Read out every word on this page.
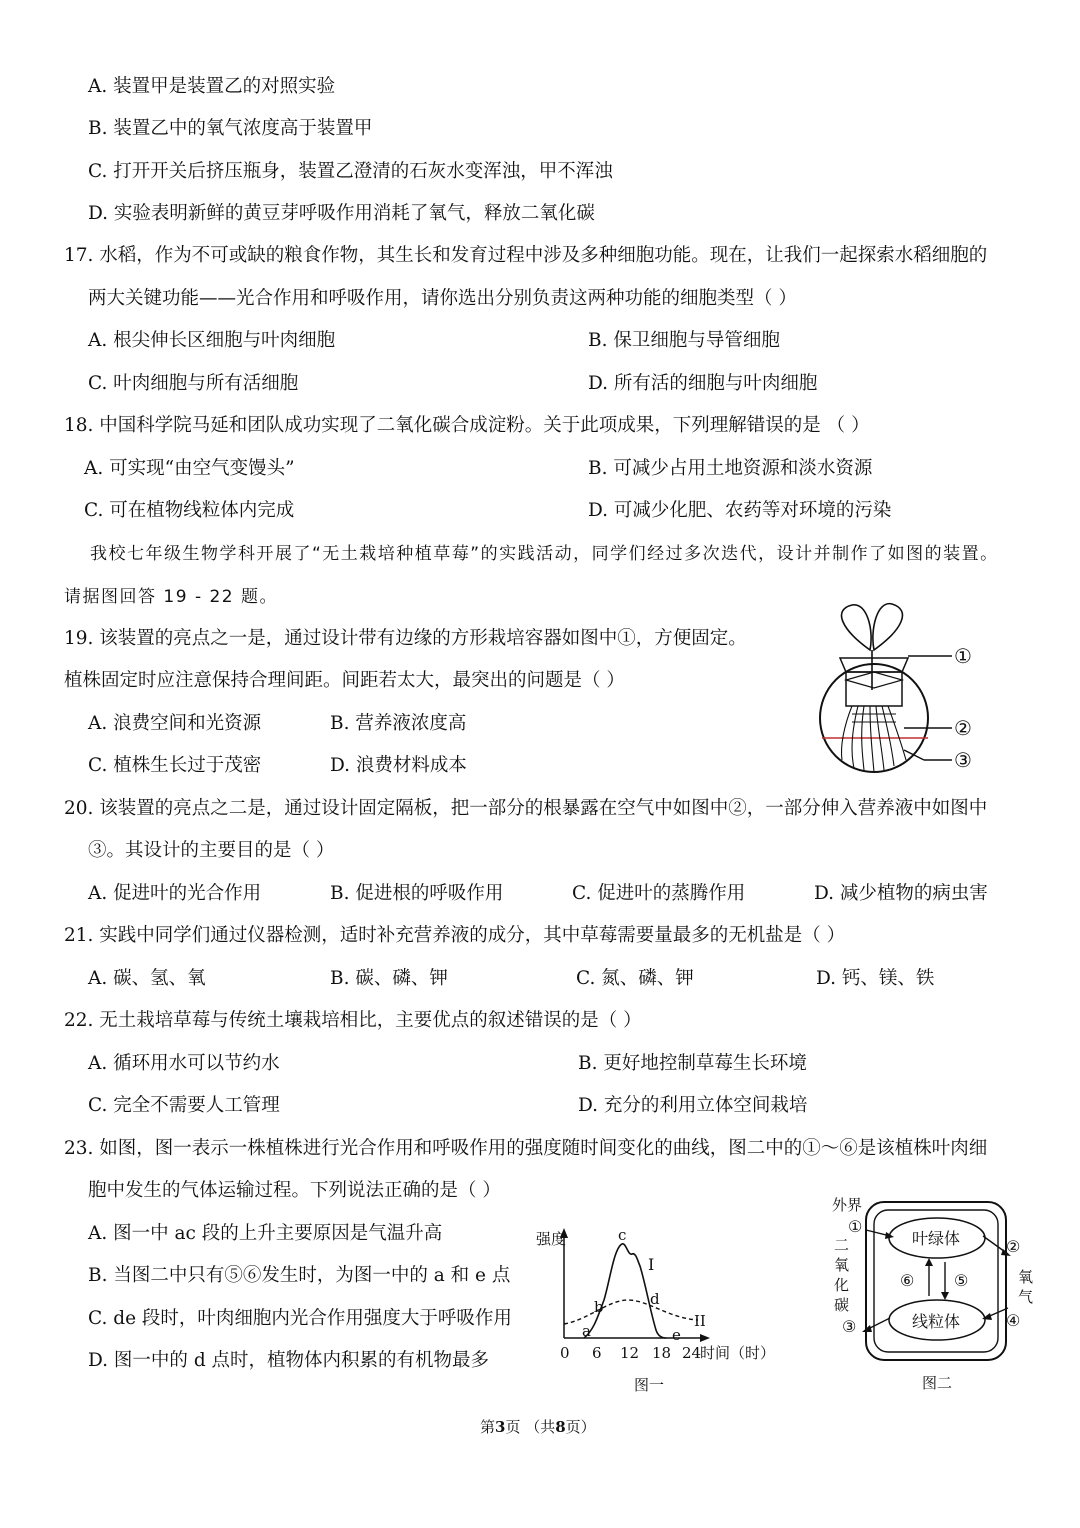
A. 装置甲是装置乙的对照实验
B. 装置乙中的氧气浓度高于装置甲
C. 打开开关后挤压瓶身，装置乙澄清的石灰水变浑浊，甲不浑浊
D. 实验表明新鲜的黄豆芽呼吸作用消耗了氧气，释放二氧化碳
17. 水稻，作为不可或缺的粮食作物，其生长和发育过程中涉及多种细胞功能。现在，让我们一起探索水稻细胞的
两大关键功能——光合作用和呼吸作用，请你选出分别负责这两种功能的细胞类型（ ）
A. 根尖伸长区细胞与叶肉细胞	B. 保卫细胞与导管细胞
C. 叶肉细胞与所有活细胞	D. 所有活的细胞与叶肉细胞
18. 中国科学院马延和团队成功实现了二氧化碳合成淀粉。关于此项成果，下列理解错误的是 （ ）
A. 可实现“由空气变馒头”	B. 可减少占用土地资源和淡水资源
C. 可在植物线粒体内完成	D. 可减少化肥、农药等对环境的污染
我校七年级生物学科开展了“无土栽培种植草莓”的实践活动，同学们经过多次迭代，设计并制作了如图的装置。
请据图回答 19 - 22 题。
19. 该装置的亮点之一是，通过设计带有边缘的方形栽培容器如图中①，方便固定。
植株固定时应注意保持合理间距。间距若太大，最突出的问题是（ ）
A. 浪费空间和光资源	B. 营养液浓度高
C. 植株生长过于茂密	D. 浪费材料成本
①
②
③
20. 该装置的亮点之二是，通过设计固定隔板，把一部分的根暴露在空气中如图中②，一部分伸入营养液中如图中
③。其设计的主要目的是（ ）
A. 促进叶的光合作用	B. 促进根的呼吸作用	C. 促进叶的蒸腾作用	D. 减少植物的病虫害
21. 实践中同学们通过仪器检测，适时补充营养液的成分，其中草莓需要量最多的无机盐是（ ）
A. 碳、氢、氧	B. 碳、磷、钾	C. 氮、磷、钾	D. 钙、镁、铁
22. 无土栽培草莓与传统土壤栽培相比，主要优点的叙述错误的是（ ）
A. 循环用水可以节约水	B. 更好地控制草莓生长环境
C. 完全不需要人工管理	D. 充分的利用立体空间栽培
23. 如图，图一表示一株植株进行光合作用和呼吸作用的强度随时间变化的曲线，图二中的①～⑥是该植株叶肉细
胞中发生的气体运输过程。下列说法正确的是（ ）
A. 图一中 ac 段的上升主要原因是气温升高
B. 当图二中只有⑤⑥发生时，为图一中的 a 和 e 点
C. de 段时，叶肉细胞内光合作用强度大于呼吸作用
D. 图一中的 d 点时，植物体内积累的有机物最多
强度
a
b
c
d
e
I
II
0 6 12 18 24
时间（时）
图一
外界
叶绿体
线粒体
⑥ ⑤
①
②
③	④
二
氧
化
碳
氧
气
图二
第3页 （共8页）
